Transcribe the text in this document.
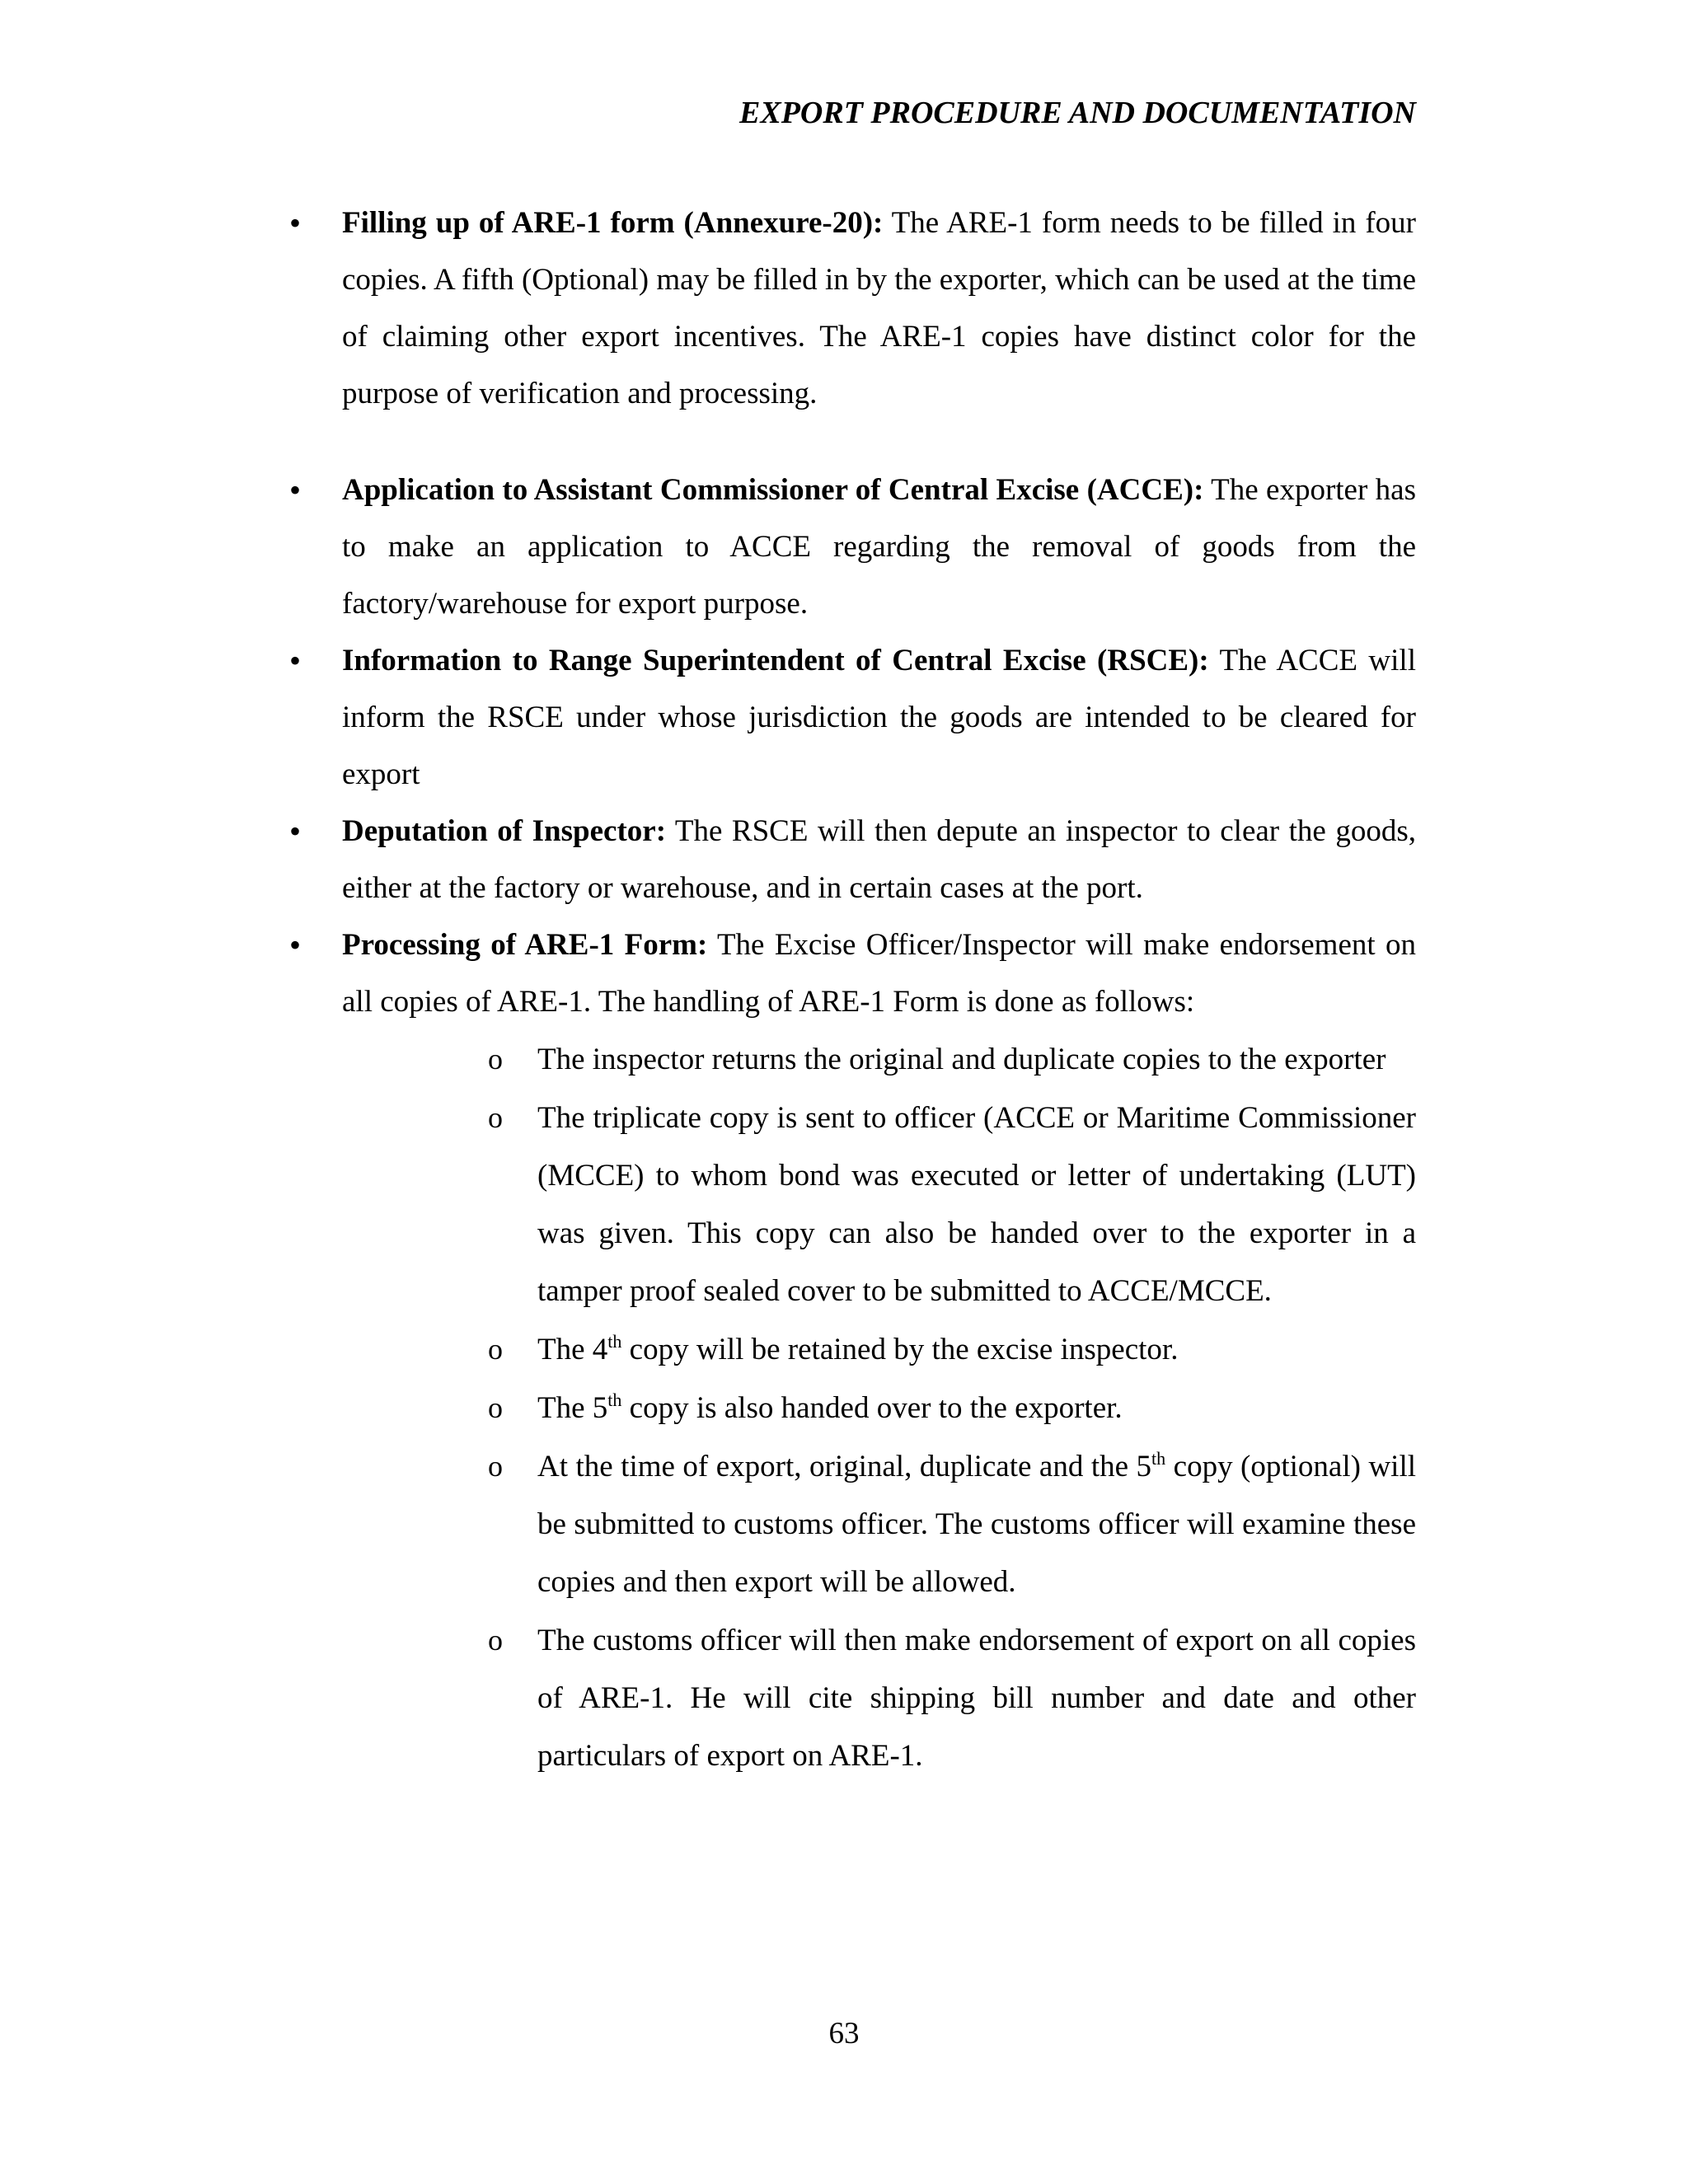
EXPORT PROCEDURE AND DOCUMENTATION
• Filling up of ARE-1 form (Annexure-20): The ARE-1 form needs to be filled in four copies. A fifth (Optional) may be filled in by the exporter, which can be used at the time of claiming other export incentives. The ARE-1 copies have distinct color for the purpose of verification and processing.
• Application to Assistant Commissioner of Central Excise (ACCE): The exporter has to make an application to ACCE regarding the removal of goods from the factory/warehouse for export purpose.
• Information to Range Superintendent of Central Excise (RSCE): The ACCE will inform the RSCE under whose jurisdiction the goods are intended to be cleared for export
• Deputation of Inspector: The RSCE will then depute an inspector to clear the goods, either at the factory or warehouse, and in certain cases at the port.
• Processing of ARE-1 Form: The Excise Officer/Inspector will make endorsement on all copies of ARE-1. The handling of ARE-1 Form is done as follows:
o The inspector returns the original and duplicate copies to the exporter
o The triplicate copy is sent to officer (ACCE or Maritime Commissioner (MCCE) to whom bond was executed or letter of undertaking (LUT) was given. This copy can also be handed over to the exporter in a tamper proof sealed cover to be submitted to ACCE/MCCE.
o The 4th copy will be retained by the excise inspector.
o The 5th copy is also handed over to the exporter.
o At the time of export, original, duplicate and the 5th copy (optional) will be submitted to customs officer. The customs officer will examine these copies and then export will be allowed.
o The customs officer will then make endorsement of export on all copies of ARE-1. He will cite shipping bill number and date and other particulars of export on ARE-1.
63
